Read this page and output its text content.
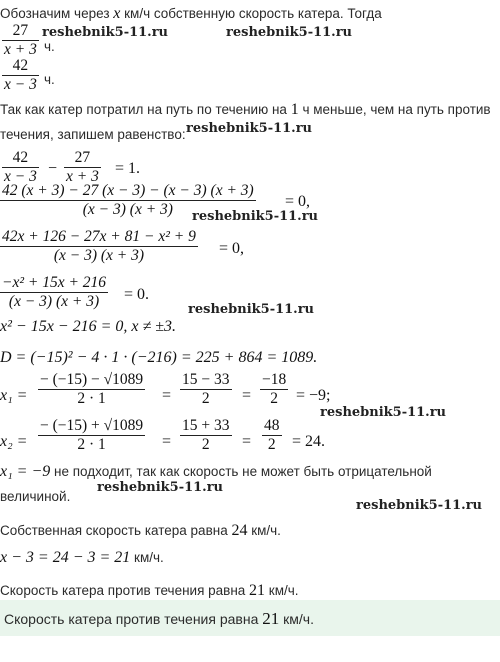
Обозначим через x км/ч собственную скорость катера. Тогда
27
x + 3 ч.
42
x − 3 ч.
Так как катер потратил на путь по течению на 1 ч меньше, чем на путь против
течения, запишем равенство:
42
x − 3 −
27
x + 3 = 1.
42 (x + 3) − 27 (x − 3) − (x − 3) (x + 3)
(x − 3) (x + 3)	= 0,
42x + 126 − 27x + 81 − x² + 9
(x − 3) (x + 3)	= 0,
−x² + 15x + 216
(x − 3) (x + 3)	= 0.
x² − 15x − 216 = 0, x ≠ ±3.
D = (−15)² − 4 · 1 · (−216) = 225 + 864 = 1089.
x₁ =
− (−15) − √1089
2 · 1	=
15 − 33
2	=
−18
2	= −9;
x₂ =
− (−15) + √1089
2 · 1	=
15 + 33
2	=
48
2	= 24.
x₁ = −9 не подходит, так как скорость не может быть отрицательной
величиной.
Собственная скорость катера равна 24 км/ч.
x − 3 = 24 − 3 = 21 км/ч.
Скорость катера против течения равна 21 км/ч.
Скорость катера против течения равна 21 км/ч.
reshebnik5-11.ru	reshebnik5-11.ru
reshebnik5-11.ru
reshebnik5-11.ru
reshebnik5-11.ru
reshebnik5-11.ru
reshebnik5-11.ru
reshebnik5-11.ru
